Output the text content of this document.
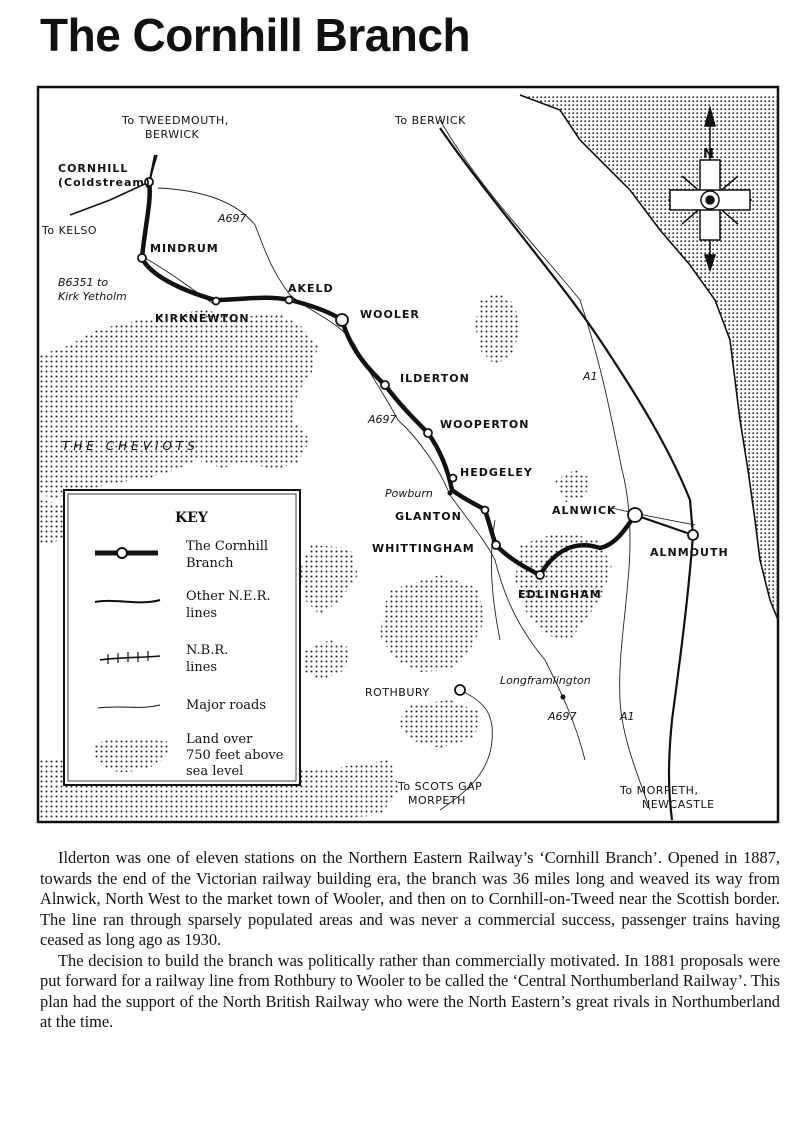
The Cornhill Branch
N
To TWEEDMOUTH,
BERWICK
To BERWICK
CORNHILL
(Coldstream)
To KELSO
MINDRUM
B6351 to
Kirk Yetholm
KIRKNEWTON
AKELD
WOOLER
ILDERTON
WOOPERTON
HEDGELEY
Powburn
GLANTON
WHITTINGHAM
EDLINGHAM
ALNWICK
ALNMOUTH
ROTHBURY
Longframlington
To SCOTS GAP
MORPETH
To MORPETH,
NEWCASTLE
THE CHEVIOTS
A697
A697
A697
A1
A1
KEY
The Cornhill
Branch
Other N.E.R.
lines
N.B.R.
lines
Major roads
Land over
750 feet above
sea level

Ilderton was one of eleven stations on the Northern Eastern Railway’s ‘Cornhill Branch’. Opened in 1887, towards the end of the Victorian railway building era, the branch was 36 miles long and weaved its way from Alnwick, North West to the market town of Wooler, and then on to Cornhill-on-Tweed near the Scottish border. The line ran through sparsely populated areas and was never a commercial success, passenger trains having ceased as long ago as 1930.

The decision to build the branch was politically rather than commercially motivated. In 1881 proposals were put forward for a railway line from Rothbury to Wooler to be called the ‘Central Northumberland Railway’. This plan had the support of the North British Railway who were the North Eastern’s great rivals in Northumberland at the time.
